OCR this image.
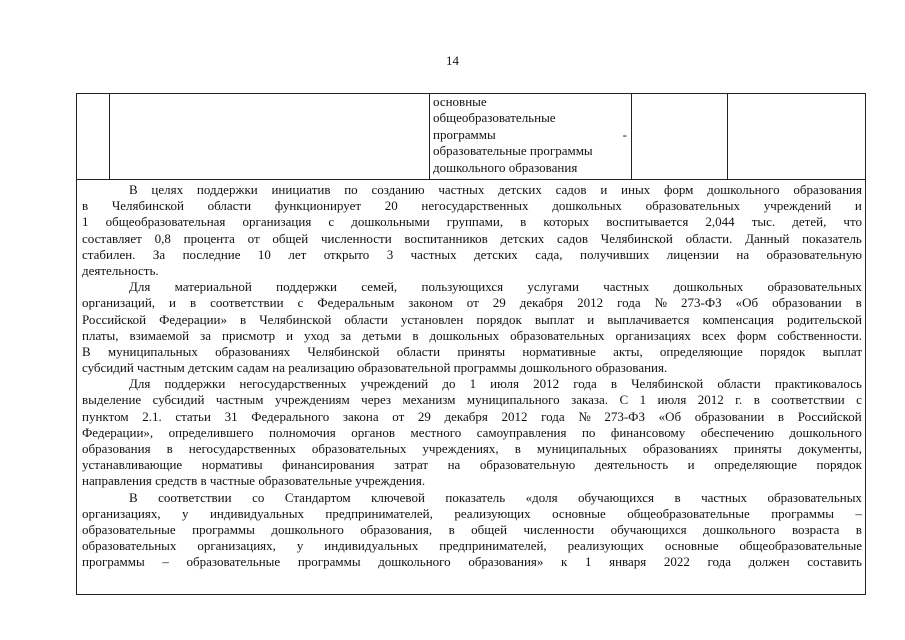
14
основные
общеобразовательные
программы	-
образовательные программы
дошкольного образования
В целях поддержки инициатив по созданию частных детских садов и иных форм дошкольного образования
в Челябинской области функционирует 20 негосударственных дошкольных образовательных учреждений и
1 общеобразовательная организация с дошкольными группами, в которых воспитывается 2,044 тыс. детей, что
составляет 0,8 процента от общей численности воспитанников детских садов Челябинской области. Данный показатель
стабилен. За последние 10 лет открыто 3 частных детских сада, получивших лицензии на образовательную
деятельность.
Для материальной поддержки семей, пользующихся услугами частных дошкольных образовательных
организаций, и в соответствии с Федеральным законом от 29 декабря 2012 года № 273-ФЗ «Об образовании в
Российской Федерации» в Челябинской области установлен порядок выплат и выплачивается компенсация родительской
платы, взимаемой за присмотр и уход за детьми в дошкольных образовательных организациях всех форм собственности.
В муниципальных образованиях Челябинской области приняты нормативные акты, определяющие порядок выплат
субсидий частным детским садам на реализацию образовательной программы дошкольного образования.
Для поддержки негосударственных учреждений до 1 июля 2012 года в Челябинской области практиковалось
выделение субсидий частным учреждениям через механизм муниципального заказа. С 1 июля 2012 г. в соответствии с
пунктом 2.1. статьи 31 Федерального закона от 29 декабря 2012 года № 273-ФЗ «Об образовании в Российской
Федерации», определившего полномочия органов местного самоуправления по финансовому обеспечению дошкольного
образования в негосударственных образовательных учреждениях, в муниципальных образованиях приняты документы,
устанавливающие нормативы финансирования затрат на образовательную деятельность и определяющие порядок
направления средств в частные образовательные учреждения.
В соответствии со Стандартом ключевой показатель «доля обучающихся в частных образовательных
организациях, у индивидуальных предпринимателей, реализующих основные общеобразовательные программы –
образовательные программы дошкольного образования, в общей численности обучающихся дошкольного возраста в
образовательных организациях, у индивидуальных предпринимателей, реализующих основные общеобразовательные
программы – образовательные программы дошкольного образования» к 1 января 2022 года должен составить
